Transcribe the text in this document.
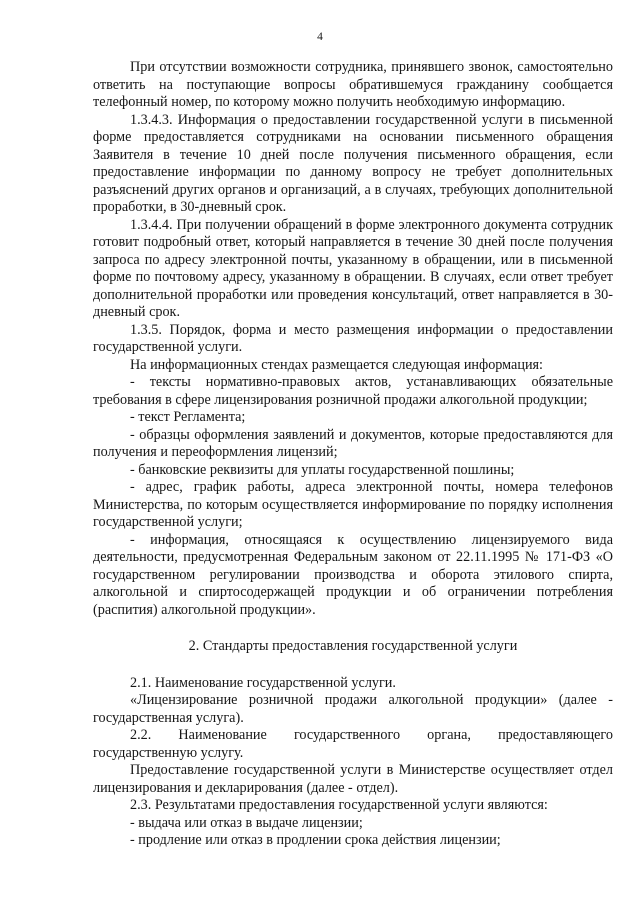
4

При отсутствии возможности сотрудника, принявшего звонок, самостоятельно ответить на поступающие вопросы обратившемуся гражданину сообщается телефонный номер, по которому можно получить необходимую информацию.

1.3.4.3. Информация о предоставлении государственной услуги в письменной форме предоставляется сотрудниками на основании письменного обращения Заявителя в течение 10 дней после получения письменного обращения, если предоставление информации по данному вопросу не требует дополнительных разъяснений других органов и организаций, а в случаях, требующих дополнительной проработки, в 30-дневный срок.

1.3.4.4. При получении обращений в форме электронного документа сотрудник готовит подробный ответ, который направляется в течение 30 дней после получения запроса по адресу электронной почты, указанному в обращении, или в письменной форме по почтовому адресу, указанному в обращении. В случаях, если ответ требует дополнительной проработки или проведения консультаций, ответ направляется в 30-дневный срок.

1.3.5. Порядок, форма и место размещения информации о предоставлении государственной услуги.

На информационных стендах размещается следующая информация:

- тексты нормативно-правовых актов, устанавливающих обязательные требования в сфере лицензирования розничной продажи алкогольной продукции;

- текст Регламента;

- образцы оформления заявлений и документов, которые предоставляются для получения и переоформления лицензий;

- банковские реквизиты для уплаты государственной пошлины;

- адрес, график работы, адреса электронной почты, номера телефонов Министерства, по которым осуществляется информирование по порядку исполнения государственной услуги;

- информация, относящаяся к осуществлению лицензируемого вида деятельности, предусмотренная Федеральным законом от 22.11.1995 № 171-ФЗ «О государственном регулировании производства и оборота этилового спирта, алкогольной и спиртосодержащей продукции и об ограничении потребления (распития) алкогольной продукции».

2. Стандарты предоставления государственной услуги

2.1. Наименование государственной услуги.

«Лицензирование розничной продажи алкогольной продукции» (далее - государственная услуга).

2.2. Наименование государственного органа, предоставляющего государственную услугу.

Предоставление государственной услуги в Министерстве осуществляет отдел лицензирования и декларирования (далее - отдел).

2.3. Результатами предоставления государственной услуги являются:

- выдача или отказ в выдаче лицензии;

- продление или отказ в продлении срока действия лицензии;
